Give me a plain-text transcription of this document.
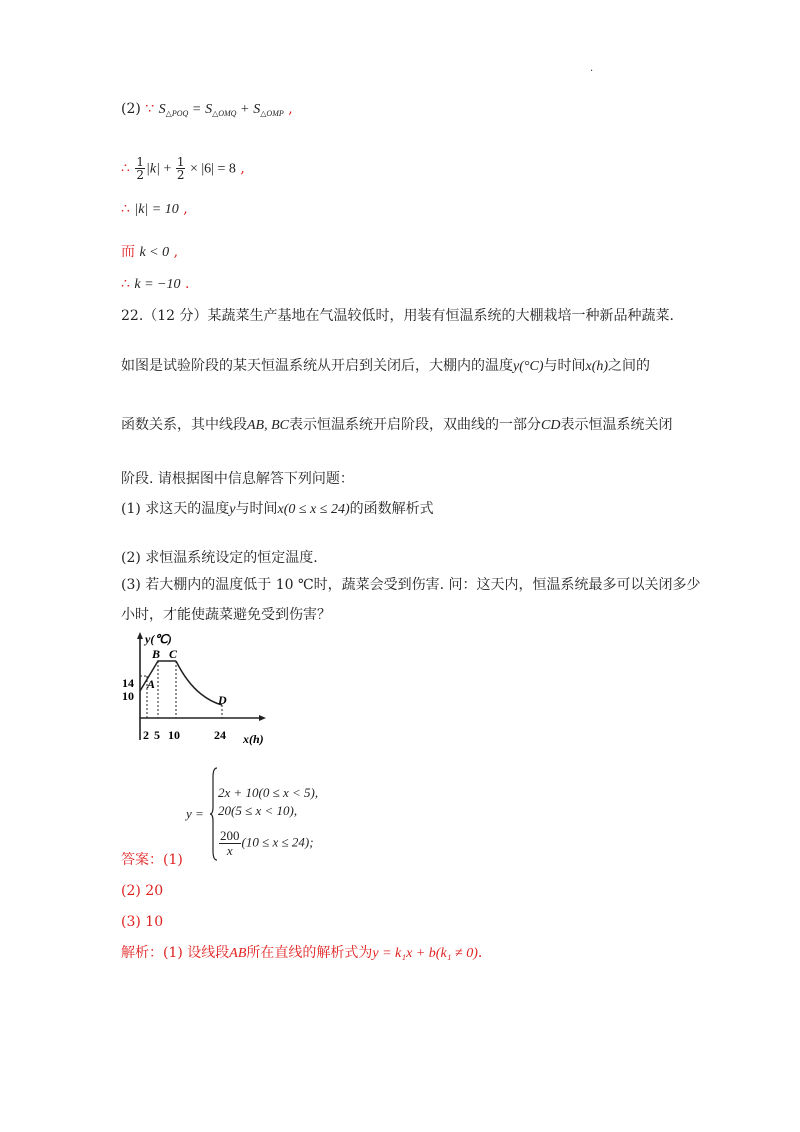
.
(2) ∵ $S_{\triangle POQ} = S_{\triangle OMQ} + S_{\triangle OMP}$ ,
∴ $\frac{1}{2} |k| + \frac{1}{2} \times |6| = 8$ ,
∴ |k| = 10 ,
而 k < 0 ,
∴ k = −10 .
22.（12 分）某蔬菜生产基地在气温较低时，用装有恒温系统的大棚栽培一种新品种蔬菜.
如图是试验阶段的某天恒温系统从开启到关闭后，大棚内的温度y(°C)与时间x(h)之间的
函数关系，其中线段AB, BC表示恒温系统开启阶段，双曲线的一部分CD表示恒温系统关闭
阶段. 请根据图中信息解答下列问题：
(1) 求这天的温度y与时间x(0 ≤ x ≤ 24)的函数解析式
(2) 求恒温系统设定的恒定温度.
(3) 若大棚内的温度低于 10 ℃时，蔬菜会受到伤害. 问：这天内，恒温系统最多可以关闭多少
小时，才能使蔬菜避免受到伤害？
y(℃)
x(h)
A
B C
D
14
10
2 5 10	24
y =
2x + 10(0 ≤ x < 5),
20(5 ≤ x < 10),
$\frac{200}{x} (10 \le x \le 24)$;
答案：(1)
(2) 20
(3) 10
解析：(1) 设线段AB所在直线的解析式为y = k₁x + b(k₁ ≠ 0).
